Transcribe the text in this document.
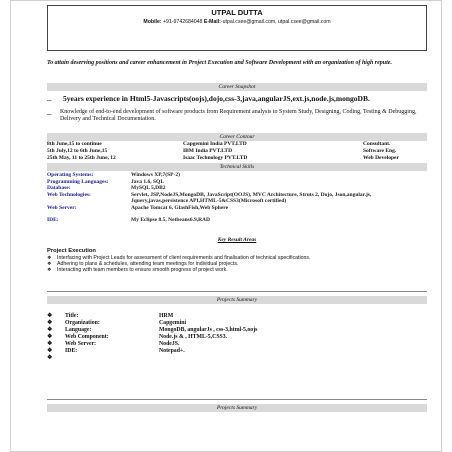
UTPAL DUTTA
Mobile: +91-9742684048 E-Mail:-utpal.csee@gmail.com, utpal.csee@gmail.com
To attain deserving positions and career enhancement in Project Execution and Software Development with an organization of high repute.
Career Snapshot
–	5years experience in Html5-Javascripts(oojs),dojo,css-3,java,angularJS,ext.js,node.js,mongoDB.
–	Knowledge of end-to-end development of software products from Requirement analysis to System Study, Designing, Coding, Testing & Debugging, Delivery and Technical Documentation.
Career Contour
8th June,15 to continue	Capgemini India PVT.LTD	Consultant.
5th July,12 to 6th June,15	IBM India PVT.LTD	Software Eng.
25th May, 11 to 25th June, 12	Isaac Technology PVT.LTD	Web Developer
Technical Skills
Operating Systems:	Windows XP,7(SP-2)
Programming Languages:	Java 1.6, SQL
Database:	MySQL 5,DB2
Web Technologies:	Servlet, JSP,NodeJS,MongoDB, JavaScript(OOJS), MVC Architecture, Struts 2, Dojo, Json,angular.js, Jquery,javas.persistence API,HTML-5&CSS3(Microsoft certified)
Web Server:	Apache Tomcat 6, GlashFish,Web Sphere
IDE:	My Eclipse 8.5, Netbeans6.9,RAD
Key Result Areas
Project Execution
❖	Interfacing with Project Leads for assessment of client requirements and finalisation of technical specifications.
❖	Adhering to plans & schedules, attending team meetings for individual projects.
❖	Interacting with team members to ensure smooth progress of project work.
Projects Summary
❖	Title:	HRM
❖	Organization:	Capgemini
❖	Language:	MongoDB, angularJs , css-3,html-5,oojs
❖	Web Component:	Node.js & , HTML-5,CSS3.
❖	Web Server:	NodeJS.
❖	IDE:	Notepad+.
❖
Projects Summary
